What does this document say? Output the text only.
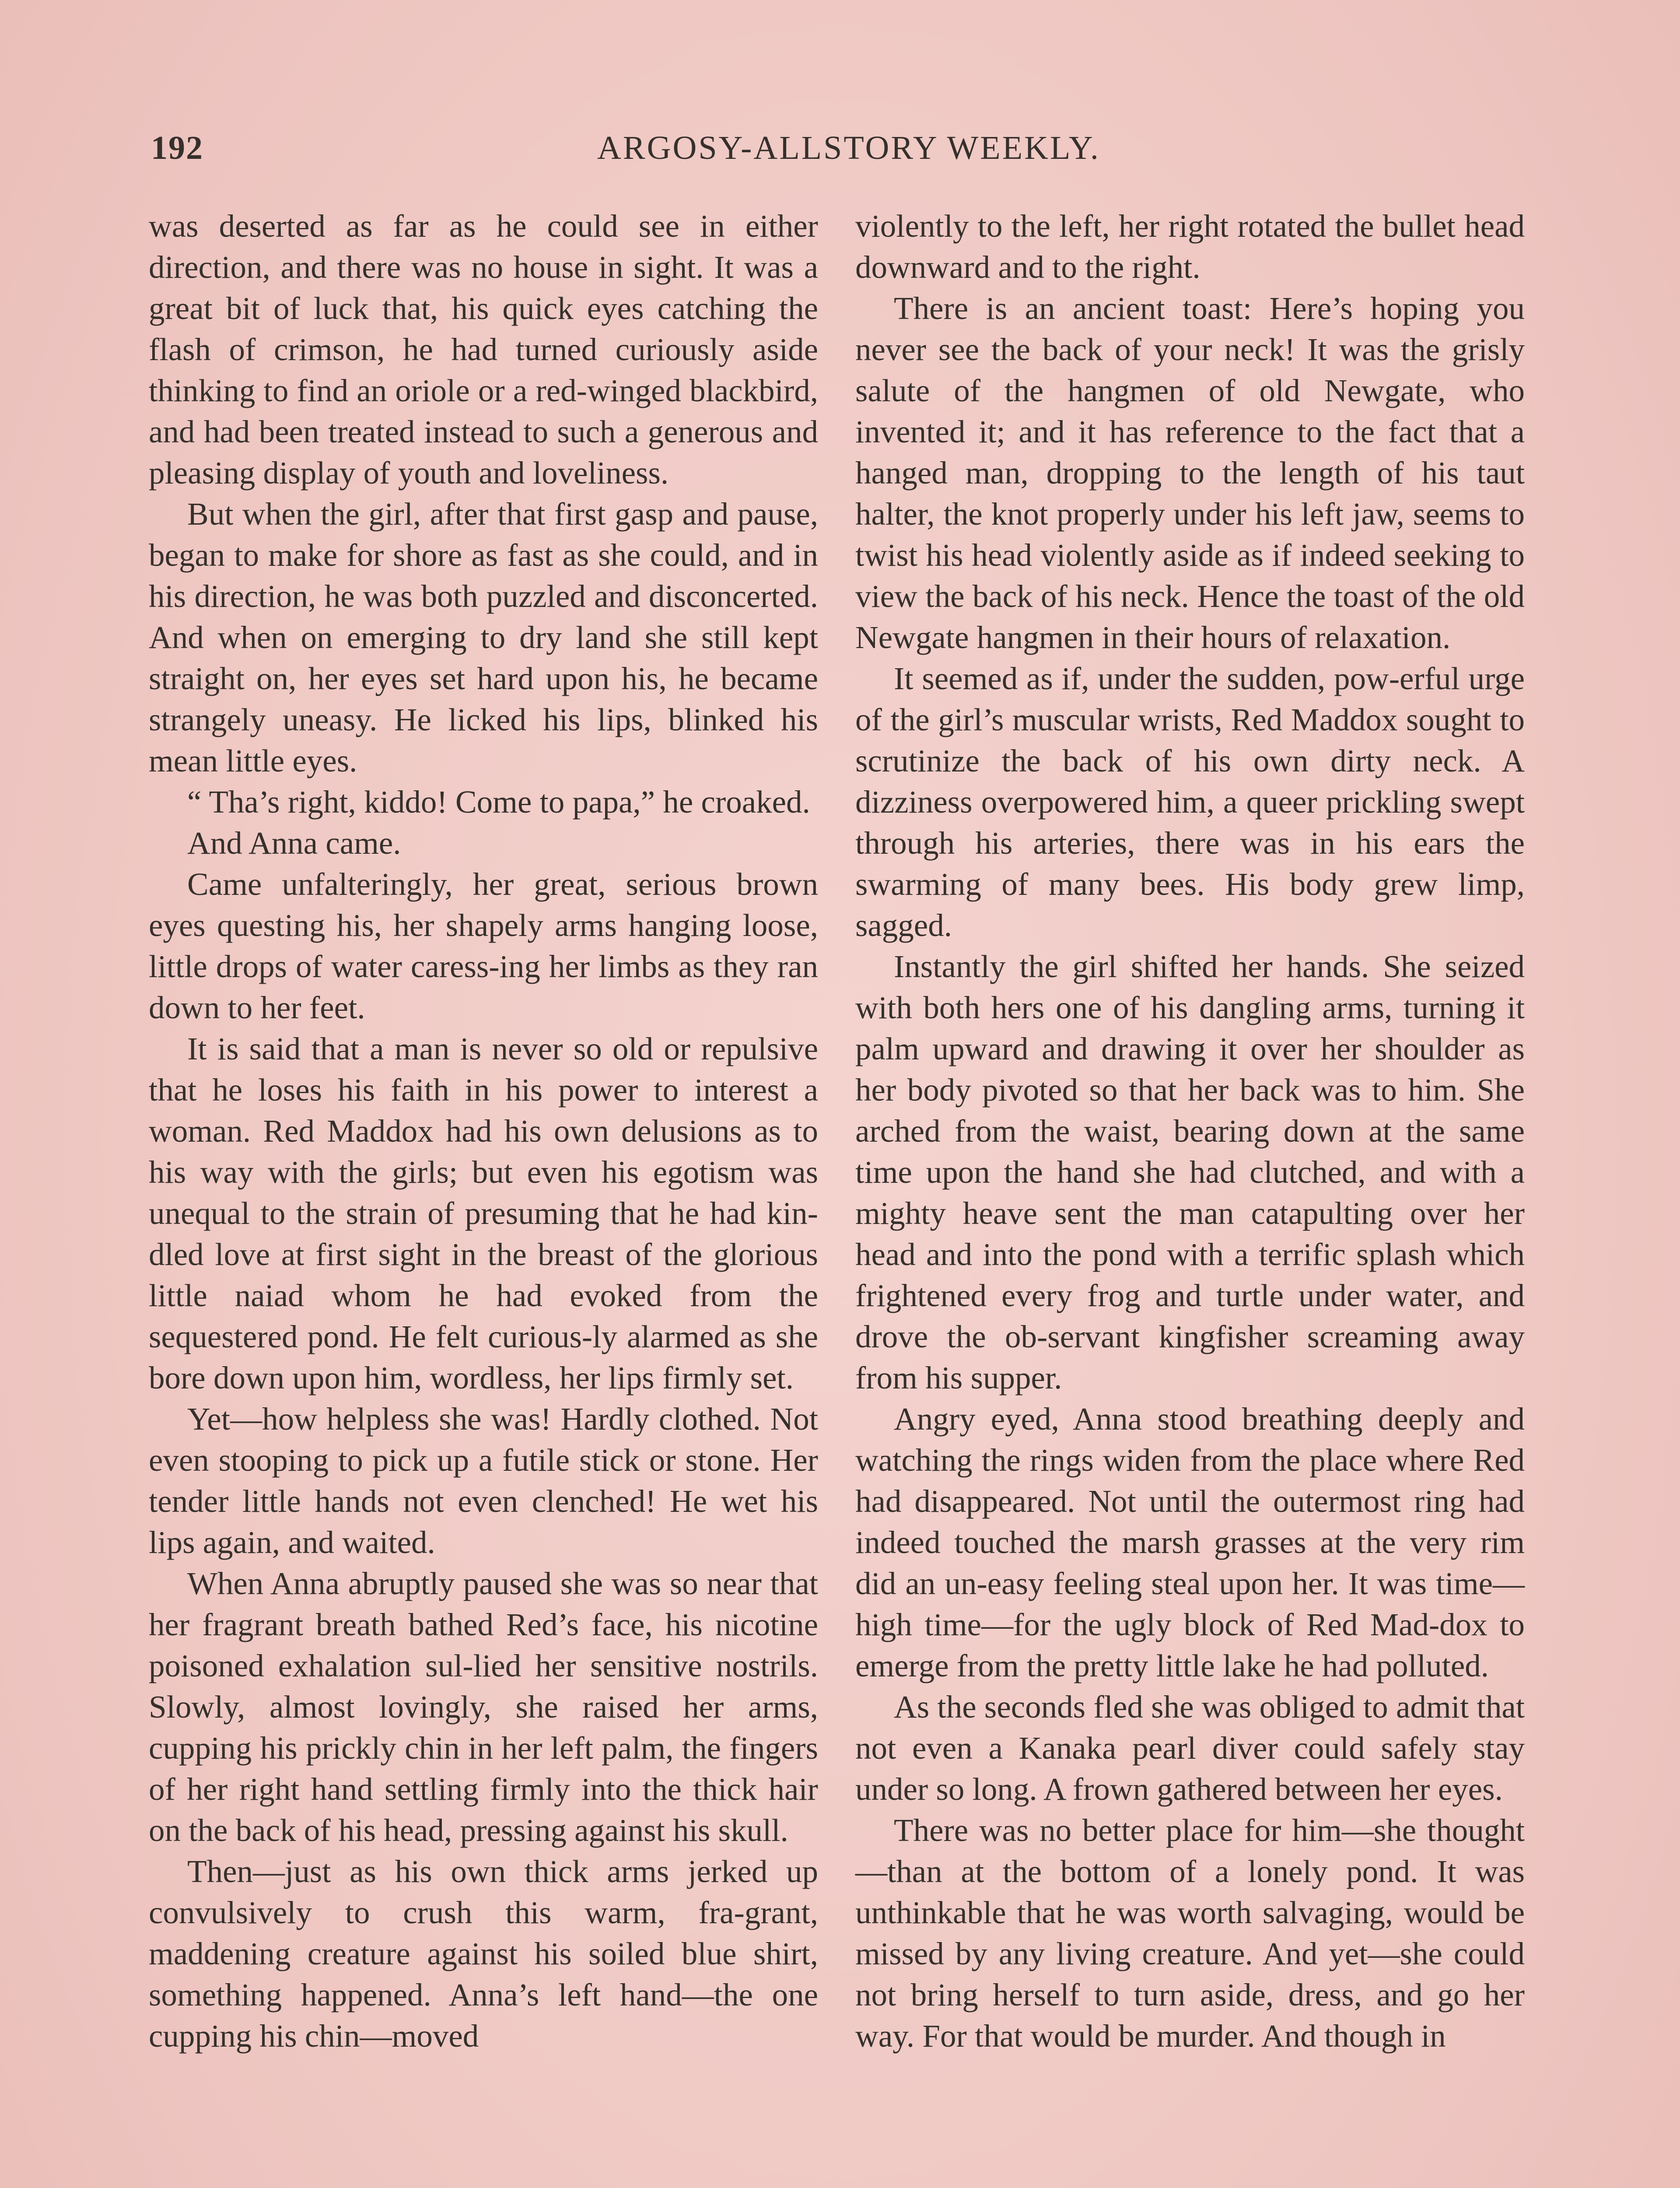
192	ARGOSY-ALLSTORY WEEKLY.

was deserted as far as he could see in either direction, and there was no house in sight. It was a great bit of luck that, his quick eyes catching the flash of crimson, he had turned curiously aside thinking to find an oriole or a red-winged blackbird, and had been treated instead to such a generous and pleasing display of youth and loveliness.

But when the girl, after that first gasp and pause, began to make for shore as fast as she could, and in his direction, he was both puzzled and disconcerted. And when on emerging to dry land she still kept straight on, her eyes set hard upon his, he became strangely uneasy. He licked his lips, blinked his mean little eyes.

“ Tha’s right, kiddo! Come to papa,” he croaked.

And Anna came.

Came unfalteringly, her great, serious brown eyes questing his, her shapely arms hanging loose, little drops of water caress-ing her limbs as they ran down to her feet.

It is said that a man is never so old or repulsive that he loses his faith in his power to interest a woman. Red Maddox had his own delusions as to his way with the girls; but even his egotism was unequal to the strain of presuming that he had kin-dled love at first sight in the breast of the glorious little naiad whom he had evoked from the sequestered pond. He felt curious-ly alarmed as she bore down upon him, wordless, her lips firmly set.

Yet—how helpless she was! Hardly clothed. Not even stooping to pick up a futile stick or stone. Her tender little hands not even clenched! He wet his lips again, and waited.

When Anna abruptly paused she was so near that her fragrant breath bathed Red’s face, his nicotine poisoned exhalation sul-lied her sensitive nostrils. Slowly, almost lovingly, she raised her arms, cupping his prickly chin in her left palm, the fingers of her right hand settling firmly into the thick hair on the back of his head, pressing against his skull.

Then—just as his own thick arms jerked up convulsively to crush this warm, fra-grant, maddening creature against his soiled blue shirt, something happened. Anna’s left hand—the one cupping his chin—moved

violently to the left, her right rotated the bullet head downward and to the right.

There is an ancient toast: Here’s hoping you never see the back of your neck! It was the grisly salute of the hangmen of old Newgate, who invented it; and it has reference to the fact that a hanged man, dropping to the length of his taut halter, the knot properly under his left jaw, seems to twist his head violently aside as if indeed seeking to view the back of his neck. Hence the toast of the old Newgate hangmen in their hours of relaxation.

It seemed as if, under the sudden, pow-erful urge of the girl’s muscular wrists, Red Maddox sought to scrutinize the back of his own dirty neck. A dizziness overpowered him, a queer prickling swept through his arteries, there was in his ears the swarming of many bees. His body grew limp, sagged.

Instantly the girl shifted her hands. She seized with both hers one of his dangling arms, turning it palm upward and drawing it over her shoulder as her body pivoted so that her back was to him. She arched from the waist, bearing down at the same time upon the hand she had clutched, and with a mighty heave sent the man catapulting over her head and into the pond with a terrific splash which frightened every frog and turtle under water, and drove the ob-servant kingfisher screaming away from his supper.

Angry eyed, Anna stood breathing deeply and watching the rings widen from the place where Red had disappeared. Not until the outermost ring had indeed touched the marsh grasses at the very rim did an un-easy feeling steal upon her. It was time—high time—for the ugly block of Red Mad-dox to emerge from the pretty little lake he had polluted.

As the seconds fled she was obliged to admit that not even a Kanaka pearl diver could safely stay under so long. A frown gathered between her eyes.

There was no better place for him—she thought—than at the bottom of a lonely pond. It was unthinkable that he was worth salvaging, would be missed by any living creature. And yet—she could not bring herself to turn aside, dress, and go her way. For that would be murder. And though in
